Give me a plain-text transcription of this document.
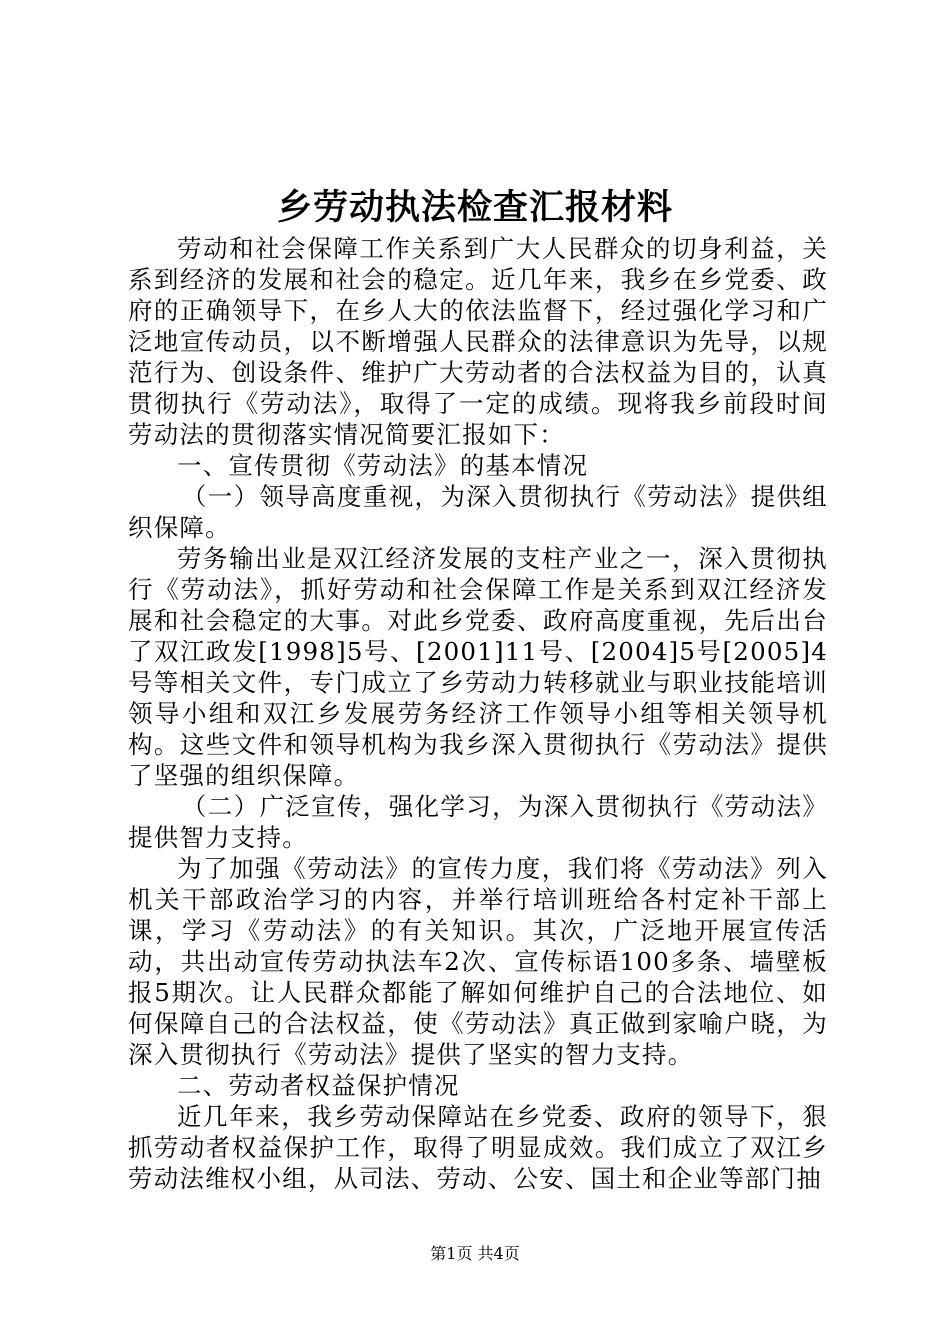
乡劳动执法检查汇报材料

劳动和社会保障工作关系到广大人民群众的切身利益，关系到经济的发展和社会的稳定。近几年来，我乡在乡党委、政府的正确领导下，在乡人大的依法监督下，经过强化学习和广泛地宣传动员，以不断增强人民群众的法律意识为先导，以规范行为、创设条件、维护广大劳动者的合法权益为目的，认真贯彻执行《劳动法》，取得了一定的成绩。现将我乡前段时间劳动法的贯彻落实情况简要汇报如下：

一、宣传贯彻《劳动法》的基本情况

（一）领导高度重视，为深入贯彻执行《劳动法》提供组织保障。

劳务输出业是双江经济发展的支柱产业之一，深入贯彻执行《劳动法》，抓好劳动和社会保障工作是关系到双江经济发展和社会稳定的大事。对此乡党委、政府高度重视，先后出台了双江政发[1998]5号、[2001]11号、[2004]5号[2005]4号等相关文件，专门成立了乡劳动力转移就业与职业技能培训领导小组和双江乡发展劳务经济工作领导小组等相关领导机构。这些文件和领导机构为我乡深入贯彻执行《劳动法》提供了坚强的组织保障。

（二）广泛宣传，强化学习，为深入贯彻执行《劳动法》提供智力支持。

为了加强《劳动法》的宣传力度，我们将《劳动法》列入机关干部政治学习的内容，并举行培训班给各村定补干部上课，学习《劳动法》的有关知识。其次，广泛地开展宣传活动，共出动宣传劳动执法车2次、宣传标语100多条、墙壁板报5期次。让人民群众都能了解如何维护自己的合法地位、如何保障自己的合法权益，使《劳动法》真正做到家喻户晓，为深入贯彻执行《劳动法》提供了坚实的智力支持。

二、劳动者权益保护情况

近几年来，我乡劳动保障站在乡党委、政府的领导下，狠抓劳动者权益保护工作，取得了明显成效。我们成立了双江乡劳动法维权小组，从司法、劳动、公安、国土和企业等部门抽

第1页 共4页
